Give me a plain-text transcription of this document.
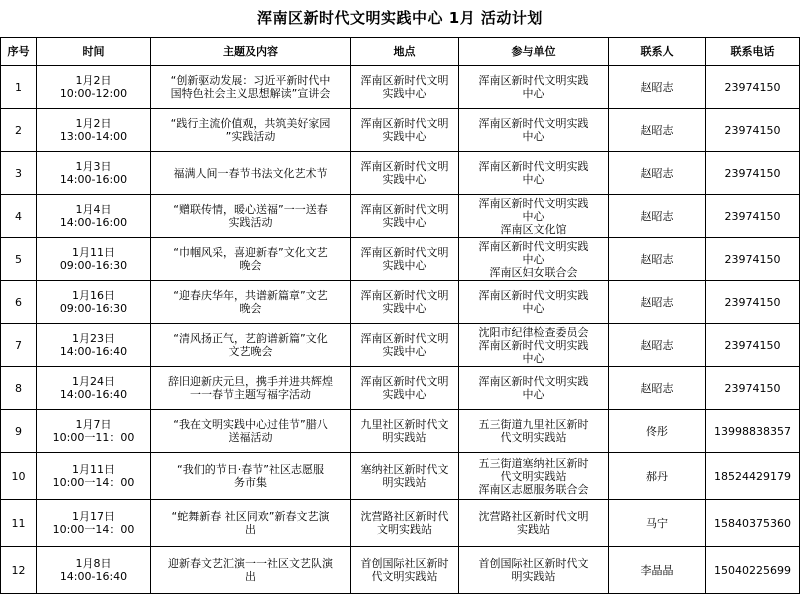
浑南区新时代文明实践中心 1月 活动计划
序号	时间	主题及内容	地点	参与单位	联系人	联系电话
1	1月2日
10:00-12:00	“创新驱动发展：习近平新时代中
国特色社会主义思想解读”宣讲会	浑南区新时代文明
实践中心	浑南区新时代文明实践
中心	赵昭志	23974150
2	1月2日
13:00-14:00	“践行主流价值观，共筑美好家园
”实践活动	浑南区新时代文明
实践中心	浑南区新时代文明实践
中心	赵昭志	23974150
3	1月3日
14:00-16:00	福满人间一春节书法文化艺术节	浑南区新时代文明
实践中心	浑南区新时代文明实践
中心	赵昭志	23974150
4	1月4日
14:00-16:00	“赠联传情，暖心送福”一一送春
实践活动	浑南区新时代文明
实践中心	浑南区新时代文明实践
中心
浑南区文化馆	赵昭志	23974150
5	1月11日
09:00-16:30	“巾帼风采，喜迎新春”文化文艺
晚会	浑南区新时代文明
实践中心	浑南区新时代文明实践
中心
浑南区妇女联合会	赵昭志	23974150
6	1月16日
09:00-16:30	“迎春庆华年，共谱新篇章”文艺
晚会	浑南区新时代文明
实践中心	浑南区新时代文明实践
中心	赵昭志	23974150
7	1月23日
14:00-16:40	“清风扬正气，艺韵谱新篇”文化
文艺晚会	浑南区新时代文明
实践中心	沈阳市纪律检查委员会
浑南区新时代文明实践
中心	赵昭志	23974150
8	1月24日
14:00-16:40	辞旧迎新庆元旦，携手并进共辉煌
一一春节主题写福字活动	浑南区新时代文明
实践中心	浑南区新时代文明实践
中心	赵昭志	23974150
9	1月7日
10:00一11：00	“我在文明实践中心过佳节”腊八
送福活动	九里社区新时代文
明实践站	五三街道九里社区新时
代文明实践站	佟彤	13998838357
10	1月11日
10:00一14：00	“我们的节日·春节”社区志愿服
务市集	塞纳社区新时代文
明实践站	五三街道塞纳社区新时
代文明实践站
浑南区志愿服务联合会	郝丹	18524429179
11	1月17日
10:00一14：00	“蛇舞新春 社区同欢”新春文艺演
出	沈营路社区新时代
文明实践站	沈营路社区新时代文明
实践站	马宁	15840375360
12	1月8日
14:00-16:40	迎新春文艺汇演一一社区文艺队演
出	首创国际社区新时
代文明实践站	首创国际社区新时代文
明实践站	李晶晶	15040225699
